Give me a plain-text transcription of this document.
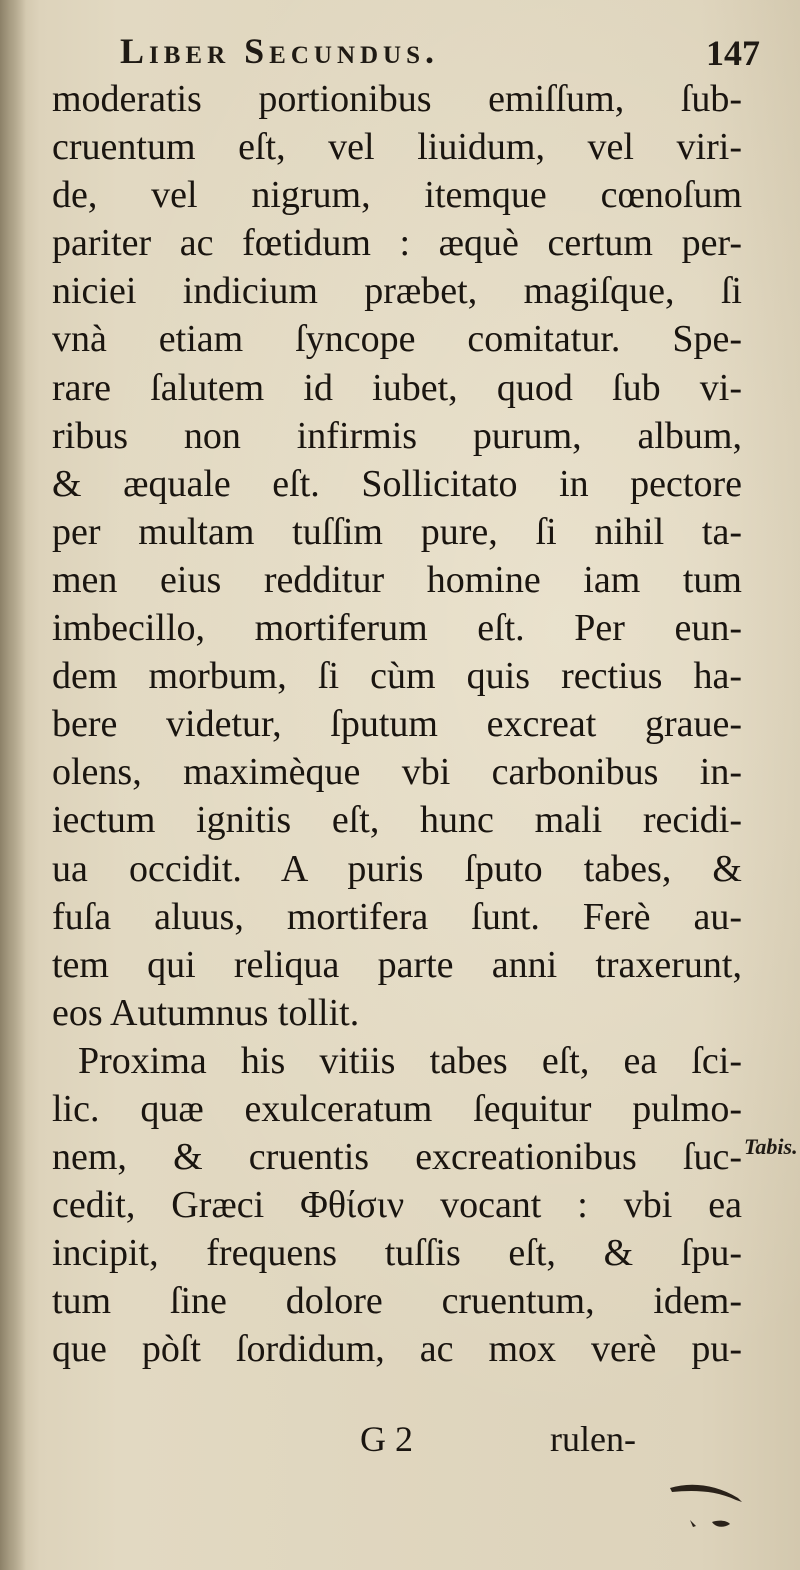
Liber Secundus.	147
moderatis portionibus emiſſum, ſub-
cruentum eſt, vel liuidum, vel viri-
de, vel nigrum, itemque cœnoſum
pariter ac fœtidum : æquè certum per-
niciei indicium præbet, magiſque, ſi
vnà etiam ſyncope comitatur. Spe-
rare ſalutem id iubet, quod ſub vi-
ribus non infirmis purum, album,
& æquale eſt. Sollicitato in pectore
per multam tuſſim pure, ſi nihil ta-
men eius redditur homine iam tum
imbecillo, mortiferum eſt. Per eun-
dem morbum, ſi cùm quis rectius ha-
bere videtur, ſputum excreat graue-
olens, maximèque vbi carbonibus in-
iectum ignitis eſt, hunc mali recidi-
ua occidit. A puris ſputo tabes, &
fuſa aluus, mortifera ſunt. Ferè au-
tem qui reliqua parte anni traxerunt,
eos Autumnus tollit.
Proxima his vitiis tabes eſt, ea ſci-
lic. quæ exulceratum ſequitur pulmo-
nem, & cruentis excreationibus ſuc-
cedit, Græci Φθίσιν vocant : vbi ea
incipit, frequens tuſſis eſt, & ſpu-
tum ſine dolore cruentum, idem-
que pòſt ſordidum, ac mox verè pu-
Tabis.
G 2	rulen-
